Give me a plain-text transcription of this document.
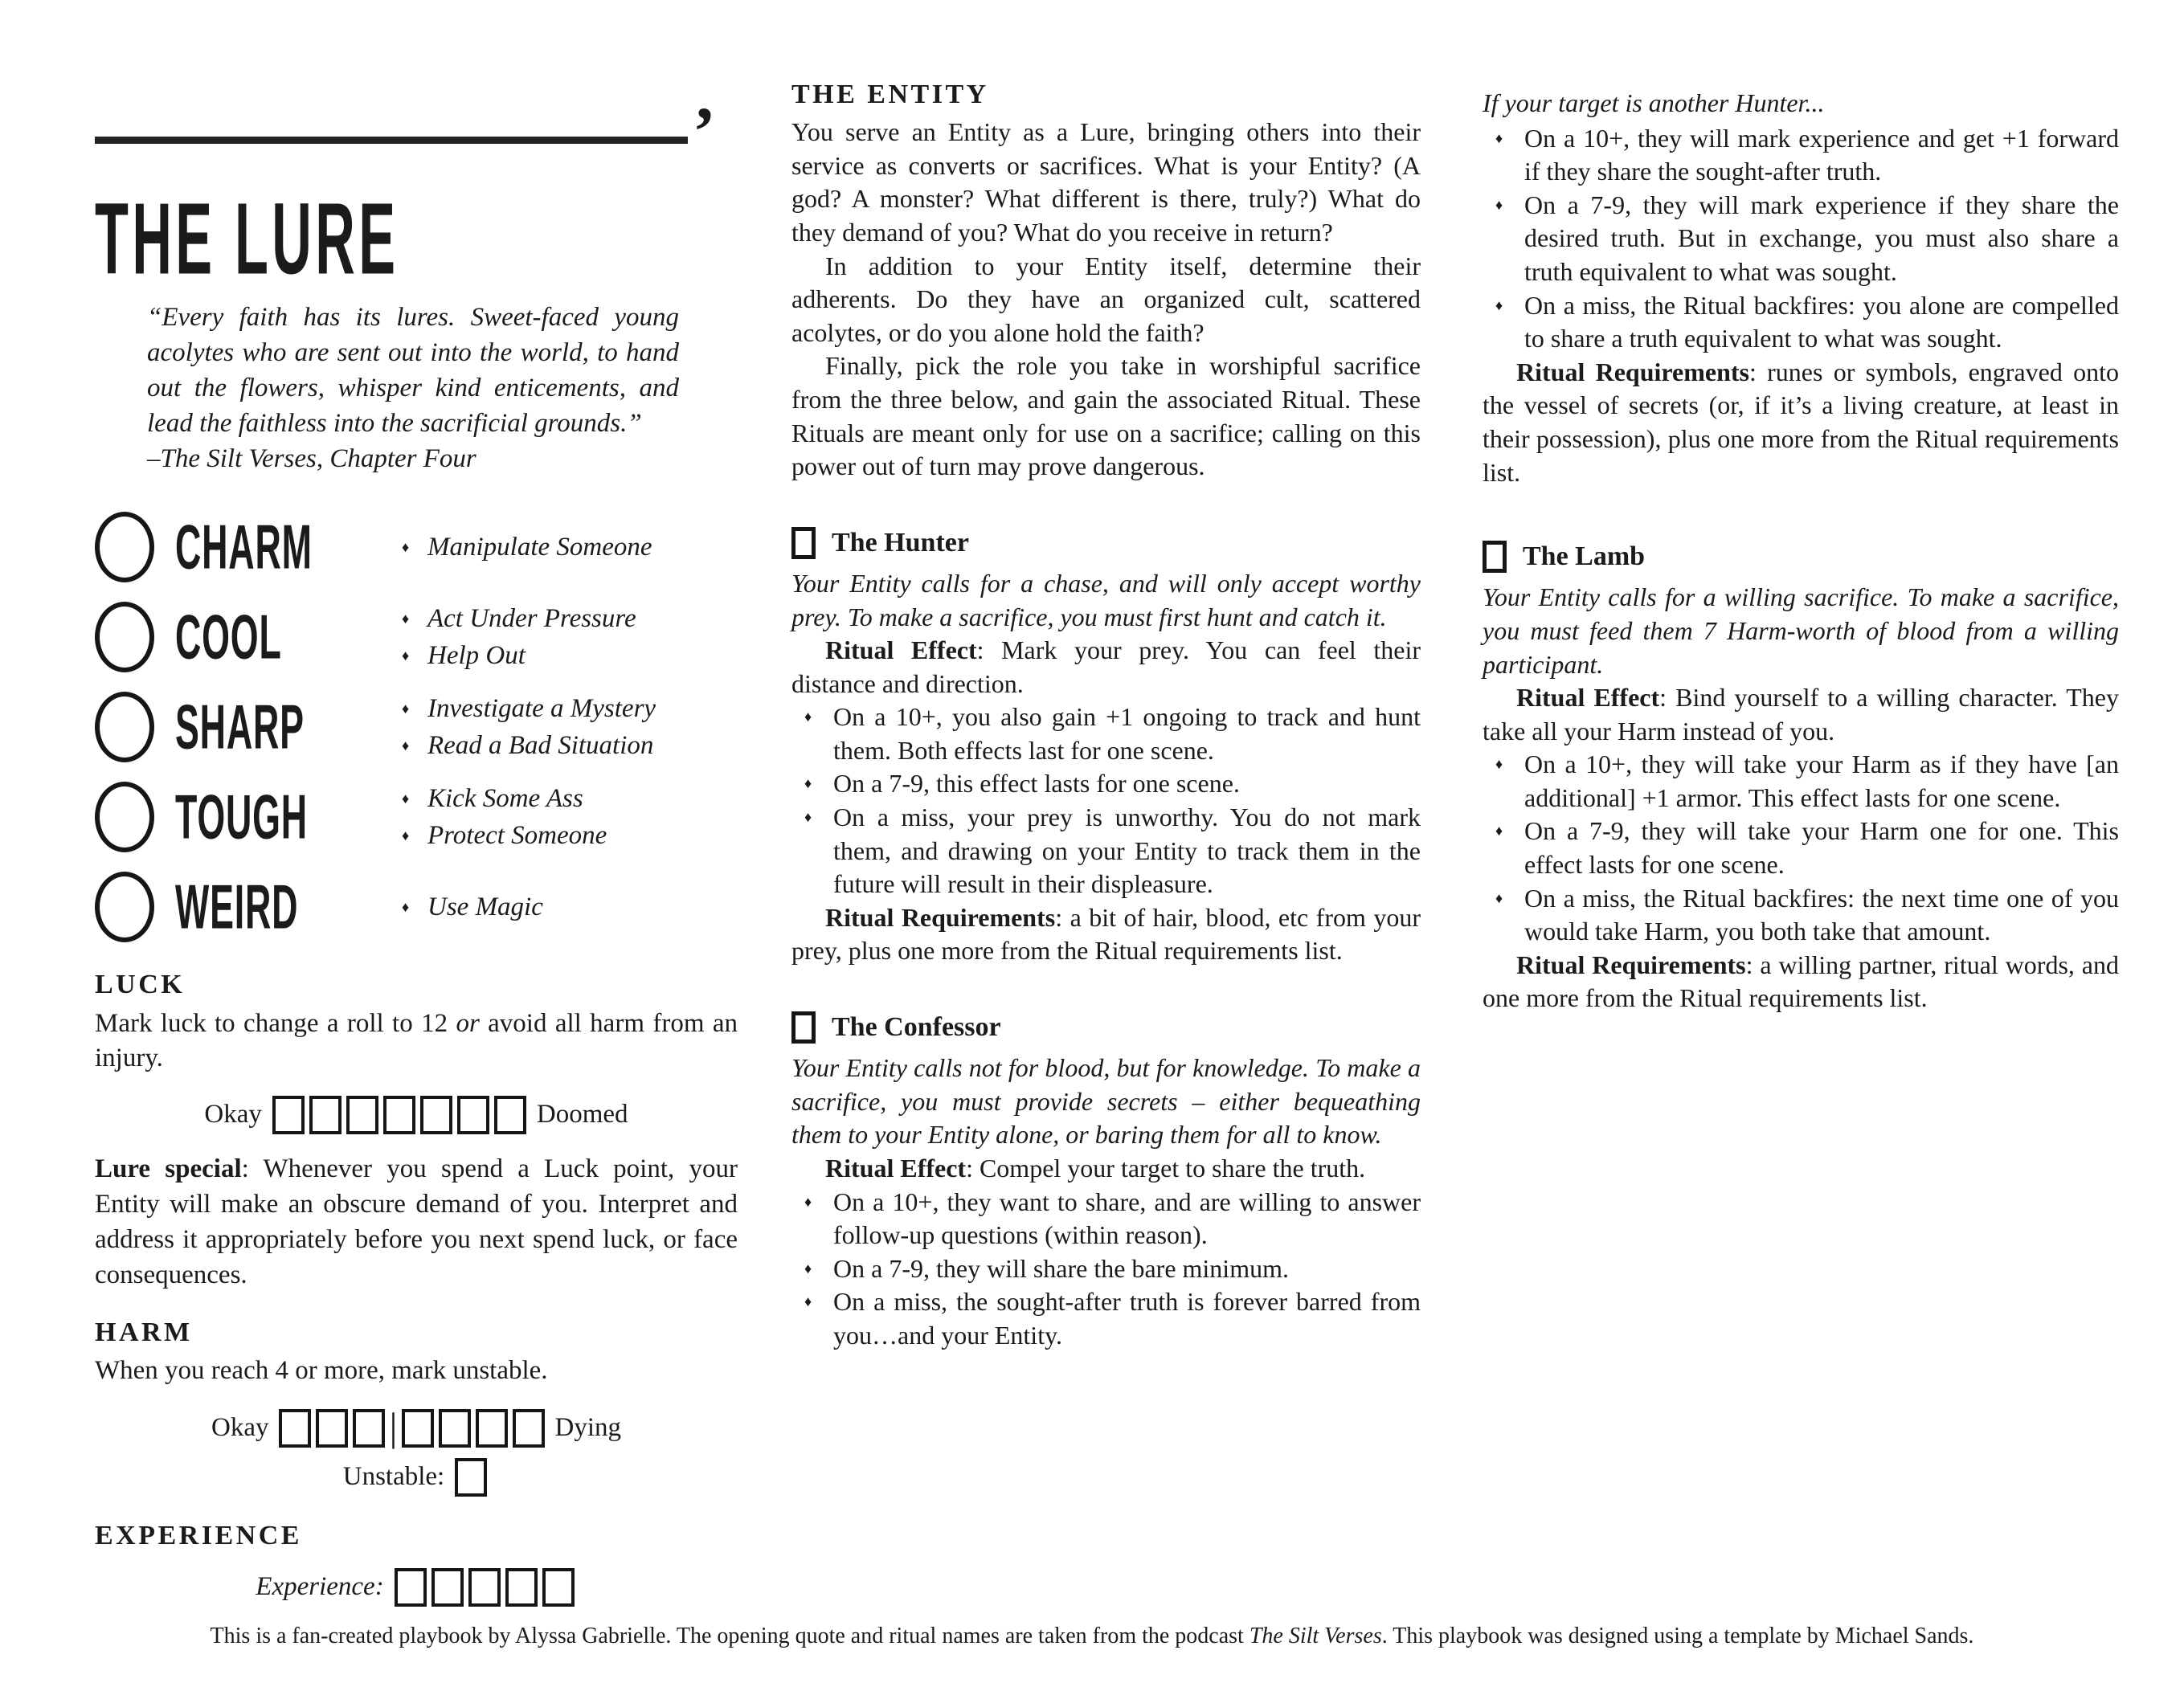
’
THE LURE
“Every faith has its lures. Sweet-faced young acolytes who are sent out into the world, to hand out the flowers, whisper kind enticements, and lead the faithless into the sacrificial grounds.”
–The Silt Verses, Chapter Four
CHARM	♦ Manipulate Someone
COOL	♦ Act Under Pressure
♦ Help Out
SHARP	♦ Investigate a Mystery
♦ Read a Bad Situation
TOUGH	♦ Kick Some Ass
♦ Protect Someone
WEIRD	♦ Use Magic
LUCK

Mark luck to change a roll to 12 or avoid all harm from an injury.

Okay	Doomed

Lure special: Whenever you spend a Luck point, your Entity will make an obscure demand of you. Interpret and address it appropriately before you next spend luck, or face consequences.

HARM

When you reach 4 or more, mark unstable.

Okay	|	Dying
Unstable:
EXPERIENCE
Experience:
THE ENTITY

You serve an Entity as a Lure, bringing others into their service as converts or sacrifices. What is your Entity? (A god? A monster? What different is there, truly?) What do they demand of you? What do you receive in return?

In addition to your Entity itself, determine their adherents. Do they have an organized cult, scattered acolytes, or do you alone hold the faith?

Finally, pick the role you take in worshipful sacrifice from the three below, and gain the associated Ritual. These Rituals are meant only for use on a sacrifice; calling on this power out of turn may prove dangerous.

The Hunter

Your Entity calls for a chase, and will only accept worthy prey. To make a sacrifice, you must first hunt and catch it.

Ritual Effect: Mark your prey. You can feel their distance and direction.

♦ On a 10+, you also gain +1 ongoing to track and hunt them. Both effects last for one scene.
♦ On a 7-9, this effect lasts for one scene.
♦ On a miss, your prey is unworthy. You do not mark them, and drawing on your Entity to track them in the future will result in their displeasure.

Ritual Requirements: a bit of hair, blood, etc from your prey, plus one more from the Ritual requirements list.

The Confessor

Your Entity calls not for blood, but for knowledge. To make a sacrifice, you must provide secrets – either bequeathing them to your Entity alone, or baring them for all to know.

Ritual Effect: Compel your target to share the truth.

♦ On a 10+, they want to share, and are willing to answer follow-up questions (within reason).
♦ On a 7-9, they will share the bare minimum.
♦ On a miss, the sought-after truth is forever barred from you…and your Entity.

If your target is another Hunter...

♦ On a 10+, they will mark experience and get +1 forward if they share the sought-after truth.
♦ On a 7-9, they will mark experience if they share the desired truth. But in exchange, you must also share a truth equivalent to what was sought.
♦ On a miss, the Ritual backfires: you alone are compelled to share a truth equivalent to what was sought.

Ritual Requirements: runes or symbols, engraved onto the vessel of secrets (or, if it’s a living creature, at least in their possession), plus one more from the Ritual requirements list.

The Lamb

Your Entity calls for a willing sacrifice. To make a sacrifice, you must feed them 7 Harm-worth of blood from a willing participant.

Ritual Effect: Bind yourself to a willing character. They take all your Harm instead of you.

♦ On a 10+, they will take your Harm as if they have [an additional] +1 armor. This effect lasts for one scene.
♦ On a 7-9, they will take your Harm one for one. This effect lasts for one scene.
♦ On a miss, the Ritual backfires: the next time one of you would take Harm, you both take that amount.

Ritual Requirements: a willing partner, ritual words, and one more from the Ritual requirements list.

This is a fan-created playbook by Alyssa Gabrielle. The opening quote and ritual names are taken from the podcast The Silt Verses. This playbook was designed using a template by Michael Sands.
